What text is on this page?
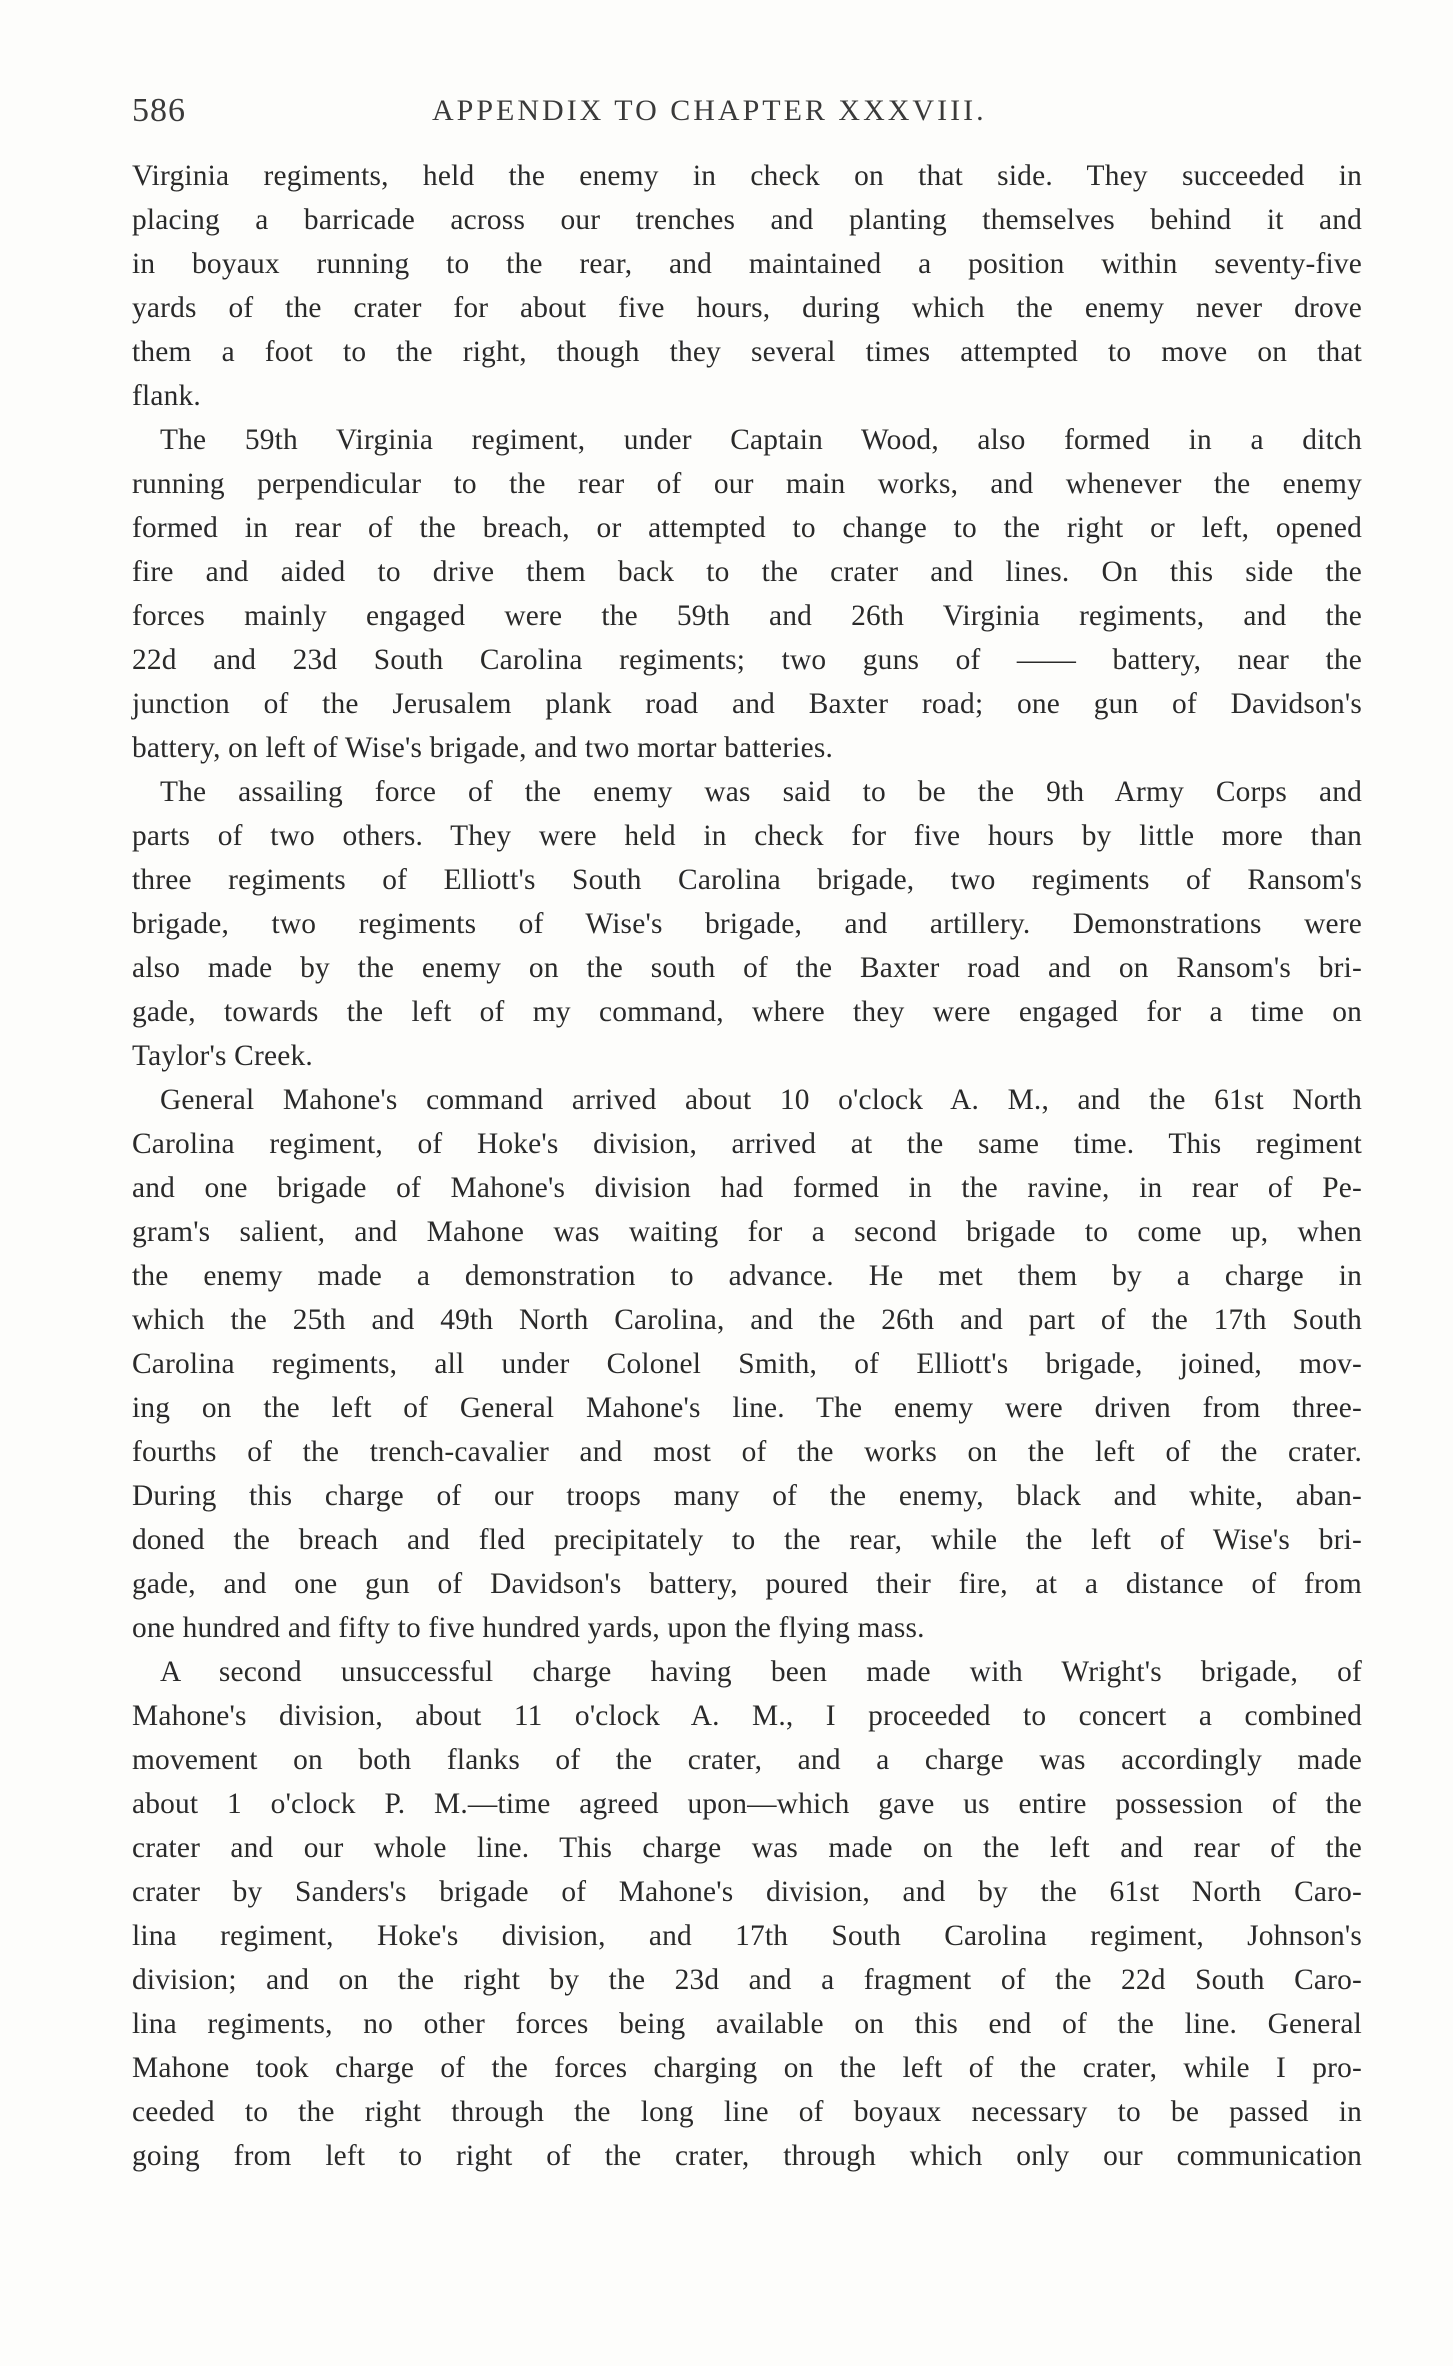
586	APPENDIX TO CHAPTER XXXVIII.
Virginia regiments, held the enemy in check on that side. They succeeded in
placing a barricade across our trenches and planting themselves behind it and
in boyaux running to the rear, and maintained a position within seventy-five
yards of the crater for about five hours, during which the enemy never drove
them a foot to the right, though they several times attempted to move on that
flank.
The 59th Virginia regiment, under Captain Wood, also formed in a ditch
running perpendicular to the rear of our main works, and whenever the enemy
formed in rear of the breach, or attempted to change to the right or left, opened
fire and aided to drive them back to the crater and lines. On this side the
forces mainly engaged were the 59th and 26th Virginia regiments, and the
22d and 23d South Carolina regiments; two guns of —— battery, near the
junction of the Jerusalem plank road and Baxter road; one gun of Davidson's
battery, on left of Wise's brigade, and two mortar batteries.
The assailing force of the enemy was said to be the 9th Army Corps and
parts of two others. They were held in check for five hours by little more than
three regiments of Elliott's South Carolina brigade, two regiments of Ransom's
brigade, two regiments of Wise's brigade, and artillery. Demonstrations were
also made by the enemy on the south of the Baxter road and on Ransom's bri-
gade, towards the left of my command, where they were engaged for a time on
Taylor's Creek.
General Mahone's command arrived about 10 o'clock A. M., and the 61st North
Carolina regiment, of Hoke's division, arrived at the same time. This regiment
and one brigade of Mahone's division had formed in the ravine, in rear of Pe-
gram's salient, and Mahone was waiting for a second brigade to come up, when
the enemy made a demonstration to advance. He met them by a charge in
which the 25th and 49th North Carolina, and the 26th and part of the 17th South
Carolina regiments, all under Colonel Smith, of Elliott's brigade, joined, mov-
ing on the left of General Mahone's line. The enemy were driven from three-
fourths of the trench-cavalier and most of the works on the left of the crater.
During this charge of our troops many of the enemy, black and white, aban-
doned the breach and fled precipitately to the rear, while the left of Wise's bri-
gade, and one gun of Davidson's battery, poured their fire, at a distance of from
one hundred and fifty to five hundred yards, upon the flying mass.
A second unsuccessful charge having been made with Wright's brigade, of
Mahone's division, about 11 o'clock A. M., I proceeded to concert a combined
movement on both flanks of the crater, and a charge was accordingly made
about 1 o'clock P. M.—time agreed upon—which gave us entire possession of the
crater and our whole line. This charge was made on the left and rear of the
crater by Sanders's brigade of Mahone's division, and by the 61st North Caro-
lina regiment, Hoke's division, and 17th South Carolina regiment, Johnson's
division; and on the right by the 23d and a fragment of the 22d South Caro-
lina regiments, no other forces being available on this end of the line. General
Mahone took charge of the forces charging on the left of the crater, while I pro-
ceeded to the right through the long line of boyaux necessary to be passed in
going from left to right of the crater, through which only our communication
